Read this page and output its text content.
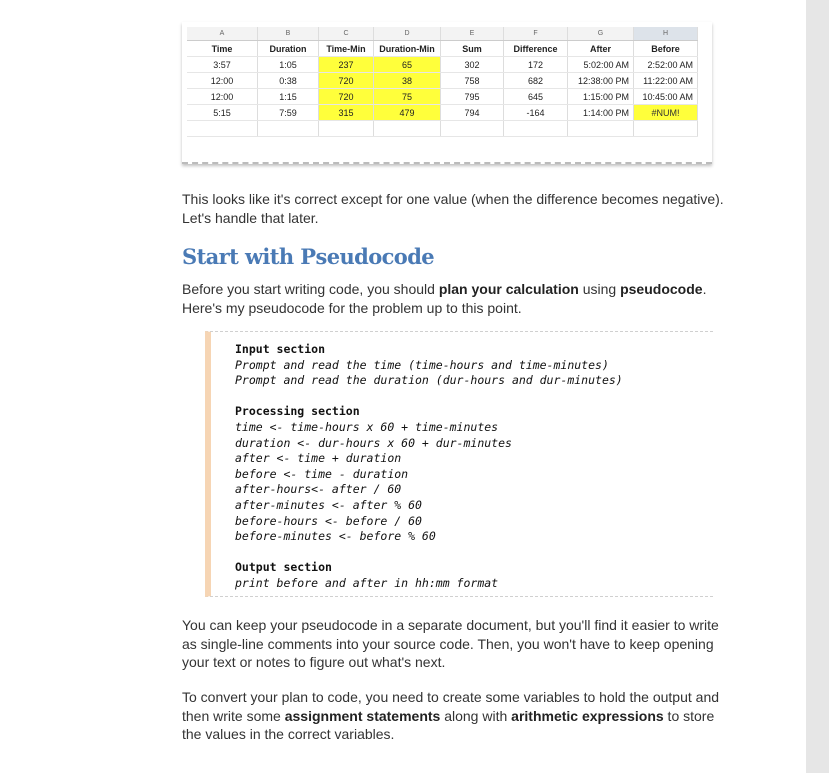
A	B	C	D	E	F	G	H
Time	Duration	Time-Min	Duration-Min	Sum	Difference	After	Before
3:57	1:05	237	65	302	172	5:02:00 AM	2:52:00 AM
12:00	0:38	720	38	758	682	12:38:00 PM	11:22:00 AM
12:00	1:15	720	75	795	645	1:15:00 PM	10:45:00 AM
5:15	7:59	315	479	794	-164	1:14:00 PM	#NUM!

This looks like it's correct except for one value (when the difference becomes negative). Let's handle that later.
Start with Pseudocode
Before you start writing code, you should plan your calculation using pseudocode. Here's my pseudocode for the problem up to this point.
Input section
Prompt and read the time (time-hours and time-minutes)
Prompt and read the duration (dur-hours and dur-minutes)
Processing section
time <- time-hours x 60 + time-minutes
duration <- dur-hours x 60 + dur-minutes
after <- time + duration
before <- time - duration
after-hours<- after / 60
after-minutes <- after % 60
before-hours <- before / 60
before-minutes <- before % 60
Output section
print before and after in hh:mm format
You can keep your pseudocode in a separate document, but you'll find it easier to write as single-line comments into your source code. Then, you won't have to keep opening your text or notes to figure out what's next.
To convert your plan to code, you need to create some variables to hold the output and then write some assignment statements along with arithmetic expressions to store the values in the correct variables.
